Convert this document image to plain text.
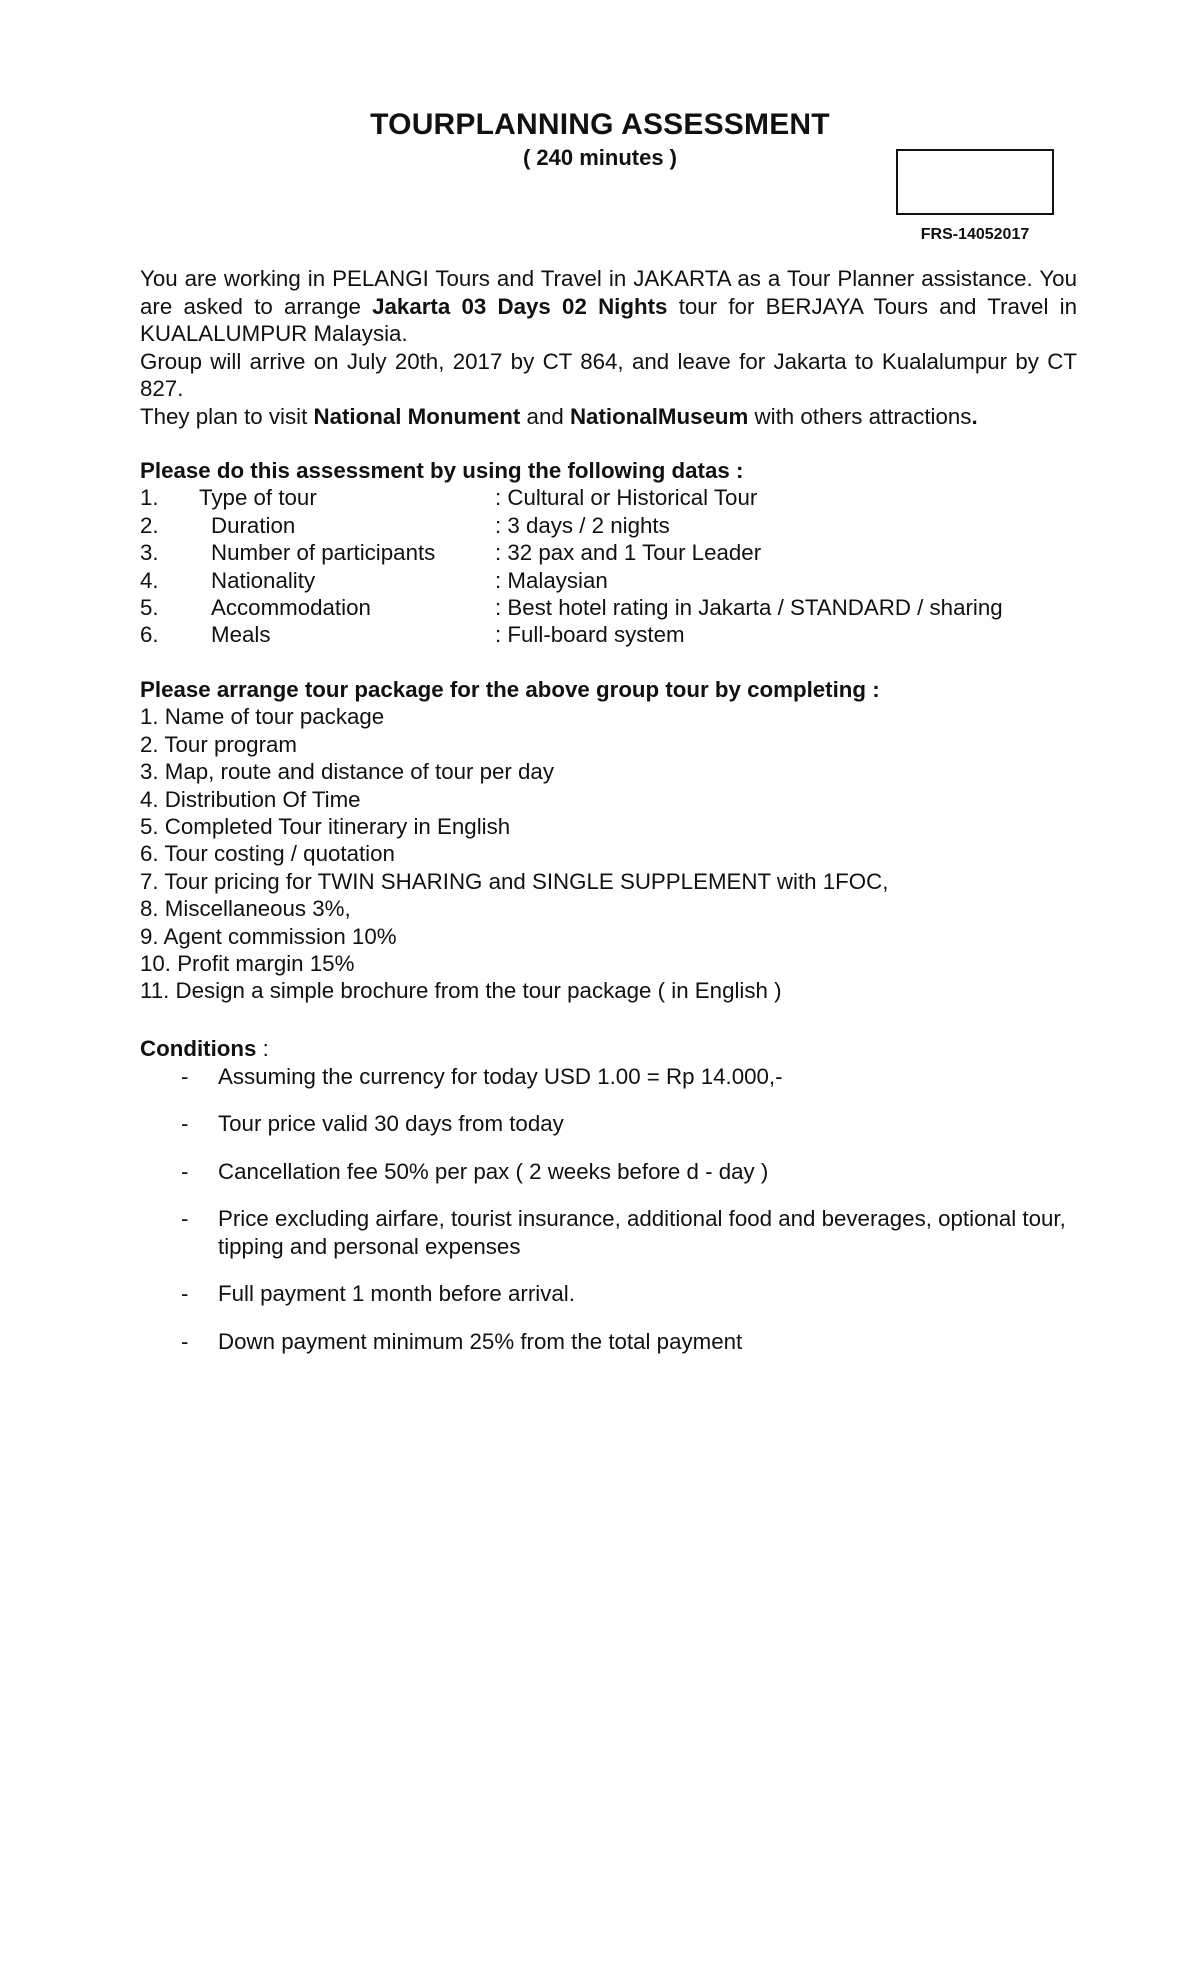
TOURPLANNING ASSESSMENT
( 240 minutes )
FRS-14052017

You are working in PELANGI Tours and Travel in JAKARTA as a Tour Planner assistance. You are asked to arrange Jakarta 03 Days 02 Nights tour for BERJAYA Tours and Travel in KUALALUMPUR Malaysia.

Group will arrive on July 20th, 2017 by CT 864, and leave for Jakarta to Kualalumpur by CT 827.

They plan to visit National Monument and NationalMuseum with others attractions.

Please do this assessment by using the following datas :
1. Type of tour	: Cultural or Historical Tour
2. Duration	: 3 days / 2 nights
3. Number of participants	: 32 pax and 1 Tour Leader
4. Nationality	: Malaysian
5. Accommodation	: Best hotel rating in Jakarta / STANDARD / sharing
6. Meals	: Full-board system
Please arrange tour package for the above group tour by completing :
1. Name of tour package
2. Tour program
3. Map, route and distance of tour per day
4. Distribution Of Time
5. Completed Tour itinerary in English
6. Tour costing / quotation
7. Tour pricing for TWIN SHARING and SINGLE SUPPLEMENT with 1FOC,
8. Miscellaneous 3%,
9. Agent commission 10%
10. Profit margin 15%
11. Design a simple brochure from the tour package ( in English )
Conditions :
- Assuming the currency for today USD 1.00 = Rp 14.000,-
- Tour price valid 30 days from today
- Cancellation fee 50% per pax ( 2 weeks before d - day )
- Price excluding airfare, tourist insurance, additional food and beverages, optional tour, tipping and personal expenses
- Full payment 1 month before arrival.
- Down payment minimum 25% from the total payment
